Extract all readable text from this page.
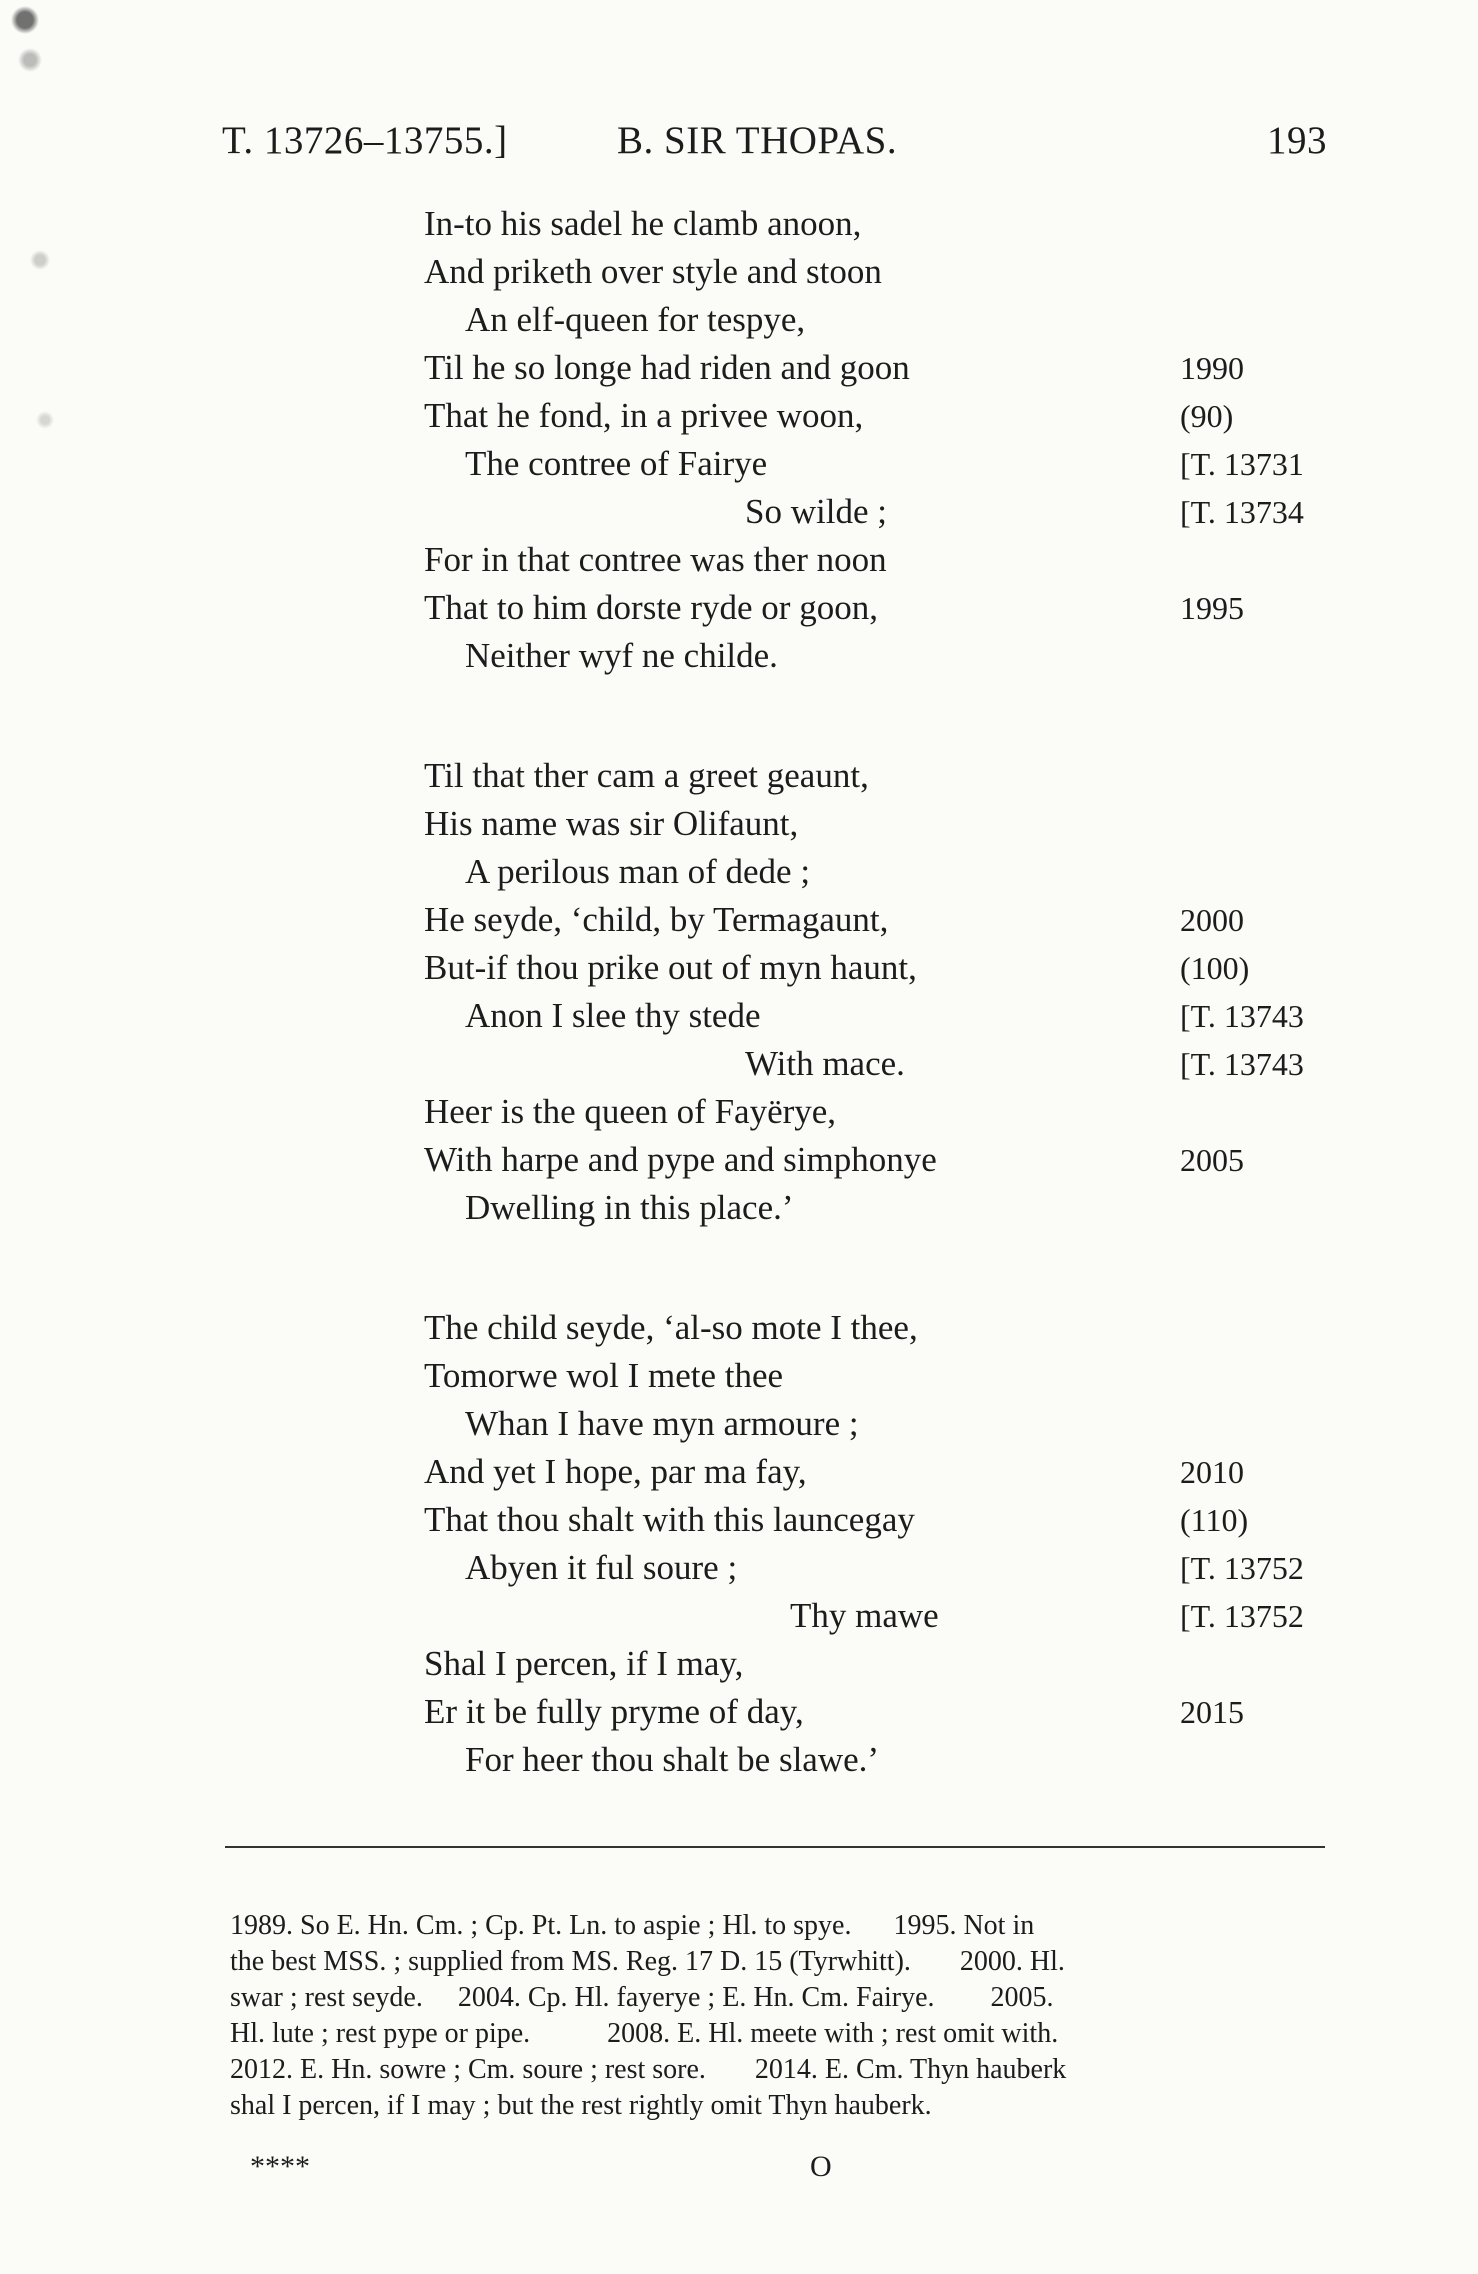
T. 13726–13755.]	B. SIR THOPAS.	193
In-to his sadel he clamb anoon,
And priketh over style and stoon
An elf-queen for tespye,
Til he so longe had riden and goon	1990
That he fond, in a privee woon,	(90)
The contree of Fairye	[T. 13731
So wilde ;	[T. 13734
For in that contree was ther noon
That to him dorste ryde or goon,	1995
Neither wyf ne childe.
Til that ther cam a greet geaunt,
His name was sir Olifaunt,
A perilous man of dede ;
He seyde, ‘child, by Termagaunt,	2000
But-if thou prike out of myn haunt,	(100)
Anon I slee thy stede	[T. 13743
With mace.	[T. 13743
Heer is the queen of Fayërye,
With harpe and pype and simphonye	2005
Dwelling in this place.’
The child seyde, ‘al-so mote I thee,
Tomorwe wol I mete thee
Whan I have myn armoure ;
And yet I hope, par ma fay,	2010
That thou shalt with this launcegay	(110)
Abyen it ful soure ;	[T. 13752
Thy mawe	[T. 13752
Shal I percen, if I may,
Er it be fully pryme of day,	2015
For heer thou shalt be slawe.’
1989. So E. Hn. Cm. ; Cp. Pt. Ln. to aspie ; Hl. to spye.      1995. Not in
the best MSS. ; supplied from MS. Reg. 17 D. 15 (Tyrwhitt).       2000. Hl.
swar ; rest seyde.     2004. Cp. Hl. fayerye ; E. Hn. Cm. Fairye.        2005.
Hl. lute ; rest pype or pipe.           2008. E. Hl. meete with ; rest omit with.
2012. E. Hn. sowre ; Cm. soure ; rest sore.       2014. E. Cm. Thyn hauberk
shal I percen, if I may ; but the rest rightly omit Thyn hauberk.
****	O
